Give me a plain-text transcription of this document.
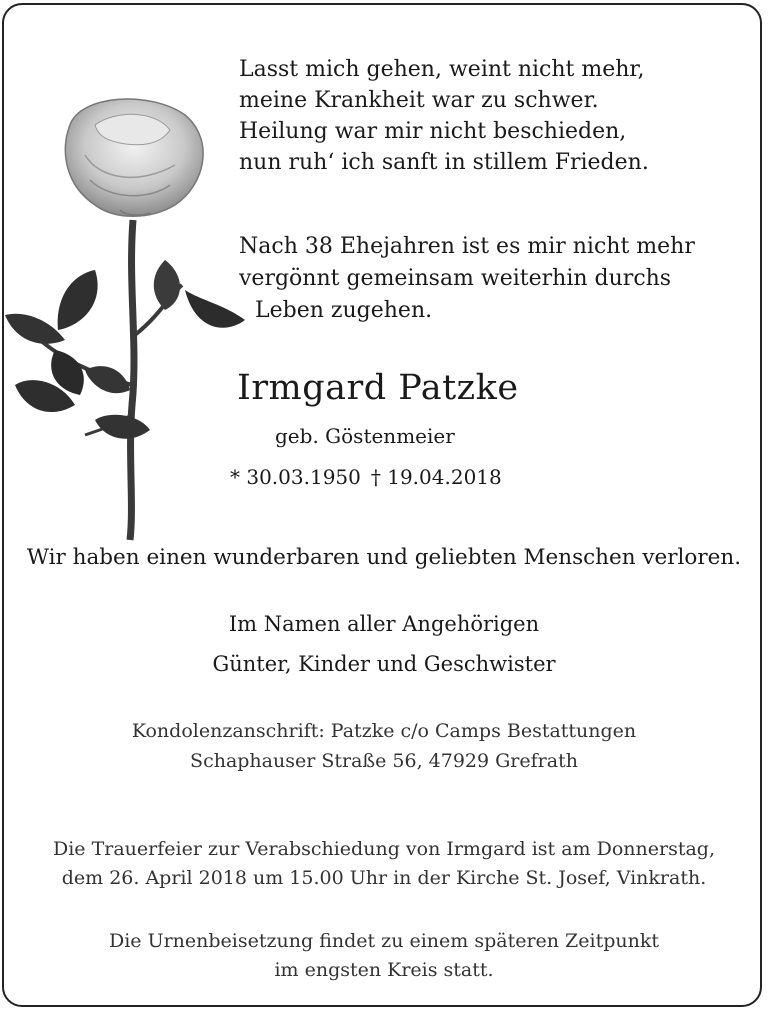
Lasst mich gehen, weint nicht mehr,
meine Krankheit war zu schwer.
Heilung war mir nicht beschieden,
nun ruh‘ ich sanft in stillem Frieden.
Nach 38 Ehejahren ist es mir nicht mehr
vergönnt gemeinsam weiterhin durchs
Leben zugehen.
Irmgard Patzke
geb. Göstenmeier
* 30.03.1950 † 19.04.2018
Wir haben einen wunderbaren und geliebten Menschen verloren.
Im Namen aller Angehörigen
Günter, Kinder und Geschwister
Kondolenzanschrift: Patzke c/o Camps Bestattungen
Schaphauser Straße 56, 47929 Grefrath
Die Trauerfeier zur Verabschiedung von Irmgard ist am Donnerstag,
dem 26. April 2018 um 15.00 Uhr in der Kirche St. Josef, Vinkrath.
Die Urnenbeisetzung findet zu einem späteren Zeitpunkt
im engsten Kreis statt.
